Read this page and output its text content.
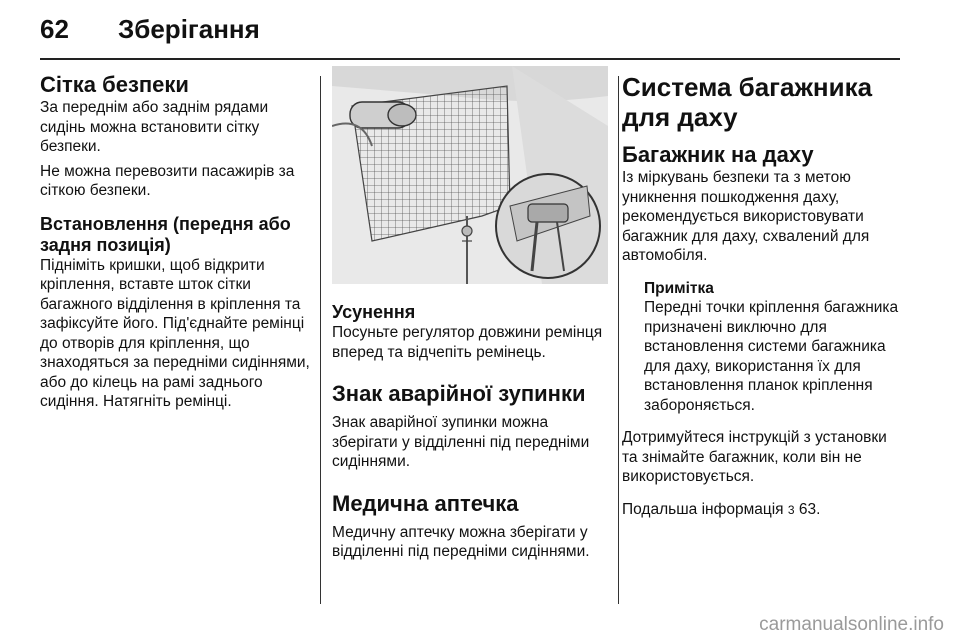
62 Зберігання
Сітка безпеки

За переднім або заднім рядами сидінь можна встановити сітку безпеки.

Не можна перевозити пасажирів за сіткою безпеки.

Встановлення (передня або задня позиція)

Підніміть кришки, щоб відкрити кріплення, вставте шток сітки багажного відділення в кріплення та зафіксуйте його. Під'єднайте ремінці до отворів для кріплення, що знаходяться за передніми сидіннями, або до кілець на рамі заднього сидіння. Натягніть ремінці.

Усунення

Посуньте регулятор довжини ремінця вперед та відчепіть ремінець.

Знак аварійної зупинки

Знак аварійної зупинки можна зберігати у відділенні під передніми сидіннями.

Медична аптечка

Медичну аптечку можна зберігати у відділенні під передніми сидіннями.

Система багажника для даху
Багажник на даху

Із міркувань безпеки та з метою уникнення пошкодження даху, рекомендується використовувати багажник для даху, схвалений для автомобіля.

Примітка

Передні точки кріплення багажника призначені виключно для встановлення системи багажника для даху, використання їх для встановлення планок кріплення забороняється.

Дотримуйтеся інструкцій з установки та знімайте багажник, коли він не використовується.

Подальша інформація 3 63.

carmanualsonline.info
